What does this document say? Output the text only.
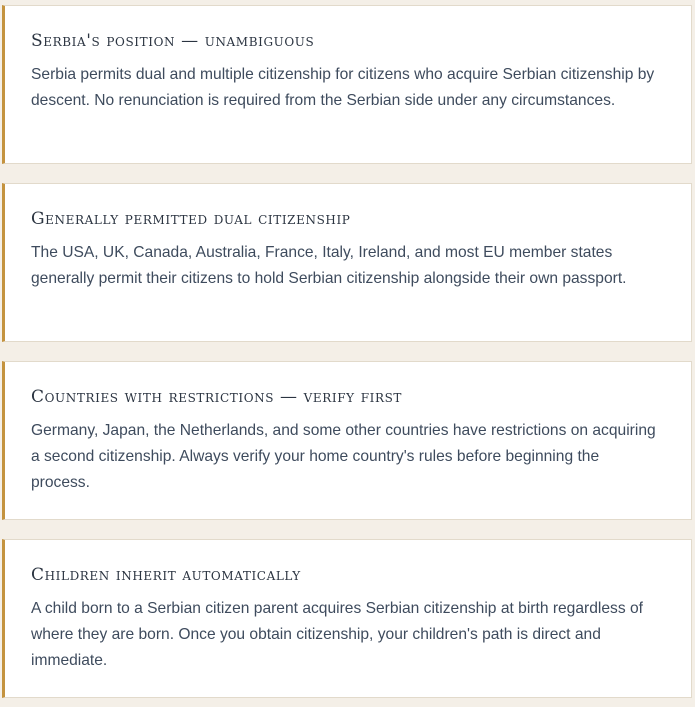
Serbia's position — unambiguous

Serbia permits dual and multiple citizenship for citizens who acquire Serbian citizenship by descent. No renunciation is required from the Serbian side under any circumstances.

Generally permitted dual citizenship

The USA, UK, Canada, Australia, France, Italy, Ireland, and most EU member states generally permit their citizens to hold Serbian citizenship alongside their own passport.

Countries with restrictions — verify first

Germany, Japan, the Netherlands, and some other countries have restrictions on acquiring a second citizenship. Always verify your home country's rules before beginning the process.

Children inherit automatically

A child born to a Serbian citizen parent acquires Serbian citizenship at birth regardless of where they are born. Once you obtain citizenship, your children's path is direct and immediate.
